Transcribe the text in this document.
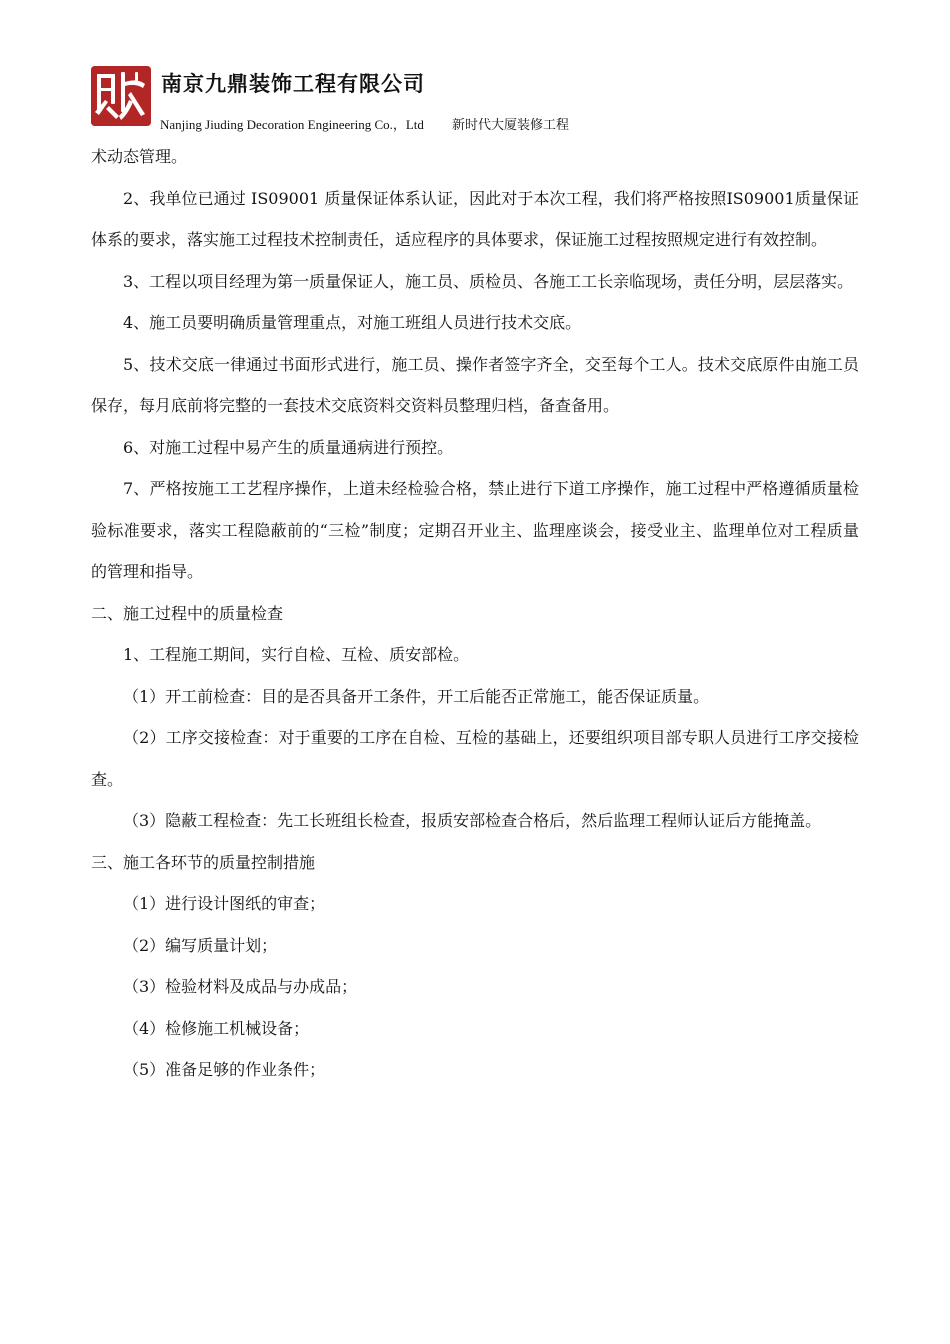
南京九鼎装饰工程有限公司
Nanjing Jiuding Decoration Engineering Co.，Ltd 新时代大厦装修工程

术动态管理。

2、我单位已通过 IS09001 质量保证体系认证，因此对于本次工程，我们将严格按照IS09001质量保证体系的要求，落实施工过程技术控制责任，适应程序的具体要求，保证施工过程按照规定进行有效控制。

3、工程以项目经理为第一质量保证人，施工员、质检员、各施工工长亲临现场，责任分明，层层落实。

4、施工员要明确质量管理重点，对施工班组人员进行技术交底。

5、技术交底一律通过书面形式进行，施工员、操作者签字齐全，交至每个工人。技术交底原件由施工员保存，每月底前将完整的一套技术交底资料交资料员整理归档，备查备用。

6、对施工过程中易产生的质量通病进行预控。

7、严格按施工工艺程序操作，上道未经检验合格，禁止进行下道工序操作，施工过程中严格遵循质量检验标准要求，落实工程隐蔽前的“三检”制度；定期召开业主、监理座谈会，接受业主、监理单位对工程质量的管理和指导。

二、施工过程中的质量检查

1、工程施工期间，实行自检、互检、质安部检。

（1）开工前检查：目的是否具备开工条件，开工后能否正常施工，能否保证质量。

（2）工序交接检查：对于重要的工序在自检、互检的基础上，还要组织项目部专职人员进行工序交接检查。

（3）隐蔽工程检查：先工长班组长检查，报质安部检查合格后，然后监理工程师认证后方能掩盖。

三、施工各环节的质量控制措施

（1）进行设计图纸的审查；

（2）编写质量计划；

（3）检验材料及成品与办成品；

（4）检修施工机械设备；

（5）准备足够的作业条件；
